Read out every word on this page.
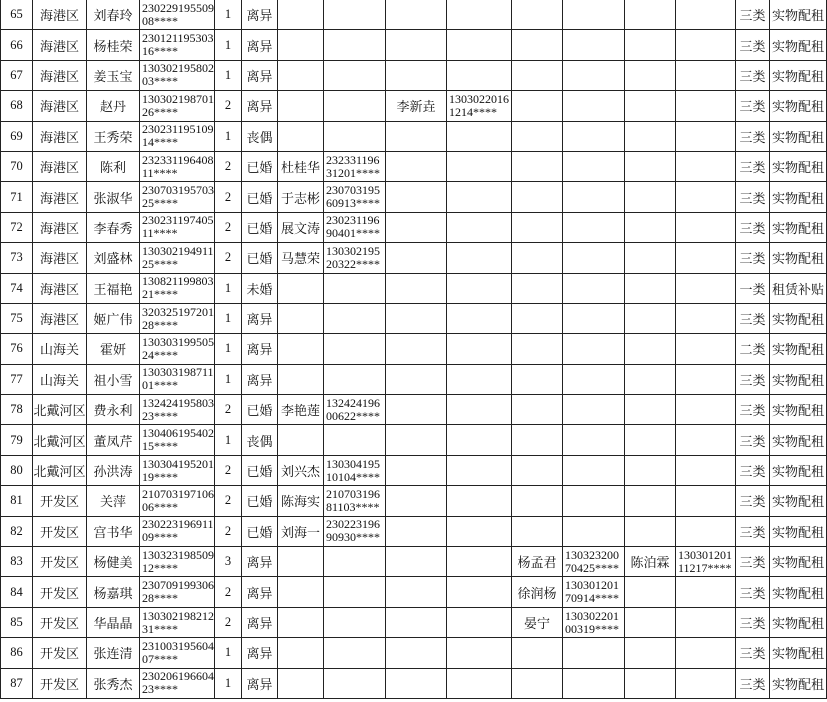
65	海港区	刘春玲	23022919550908****	1	离异									三类	实物配租
66	海港区	杨桂荣	23012119530316****	1	离异									三类	实物配租
67	海港区	姜玉宝	13030219580203****	1	离异									三类	实物配租
68	海港区	赵丹	13030219870126****	2	离异			李新垚	13030220161214****					三类	实物配租
69	海港区	王秀荣	23023119510914****	1	丧偶									三类	实物配租
70	海港区	陈利	23233119640811****	2	已婚	杜桂华	23233119631201****							三类	实物配租
71	海港区	张淑华	23070319570325****	2	已婚	于志彬	23070319560913****							三类	实物配租
72	海港区	李春秀	23023119740511****	2	已婚	展文涛	23023119690401****							三类	实物配租
73	海港区	刘盛林	13030219491125****	2	已婚	马慧荣	13030219520322****							三类	实物配租
74	海港区	王福艳	13082119980321****	1	未婚									一类	租赁补贴
75	海港区	姬广伟	32032519720128****	1	离异									三类	实物配租
76	山海关	霍妍	13030319950524****	1	离异									二类	实物配租
77	山海关	祖小雪	13030319871101****	1	离异									三类	实物配租
78	北戴河区	费永利	13242419580323****	2	已婚	李艳莲	13242419600622****							三类	实物配租
79	北戴河区	董凤芹	13040619540215****	1	丧偶									三类	实物配租
80	北戴河区	孙洪涛	13030419520119****	2	已婚	刘兴杰	13030419510104****							三类	实物配租
81	开发区	关萍	21070319710606****	2	已婚	陈海实	21070319681103****							三类	实物配租
82	开发区	宫书华	23022319691109****	2	已婚	刘海一	23022319690930****							三类	实物配租
83	开发区	杨健美	13032319850912****	3	离异					杨孟君	13032320070425****	陈泊霖	13030120111217****	三类	实物配租
84	开发区	杨嘉琪	23070919930628****	2	离异					徐润杨	13030120170914****			三类	实物配租
85	开发区	华晶晶	13030219821231****	2	离异					晏宁	13030220100319****			三类	实物配租
86	开发区	张连清	23100319560407****	1	离异									三类	实物配租
87	开发区	张秀杰	23020619660423****	1	离异									三类	实物配租
